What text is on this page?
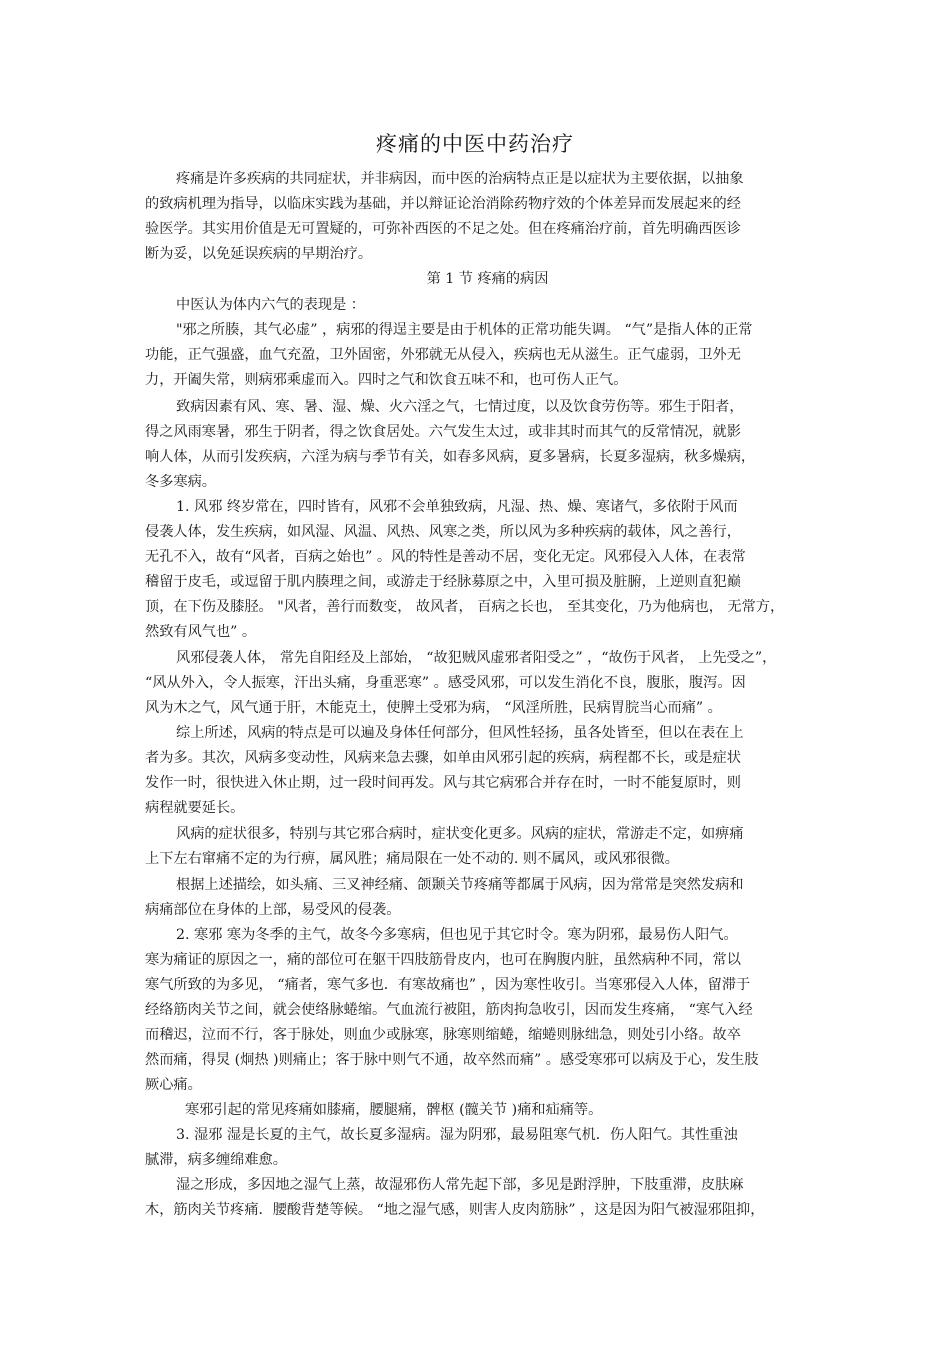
疼痛的中医中药治疗
疼痛是许多疾病的共同症状，并非病因，而中医的治病特点正是以症状为主要依据，以抽象
的致病机理为指导，以临床实践为基础，并以辩证论治消除药物疗效的个体差异而发展起来的经
验医学。其实用价值是无可置疑的，可弥补西医的不足之处。但在疼痛治疗前，首先明确西医诊
断为妥，以免延误疾病的早期治疗。
第 1 节 疼痛的病因
中医认为体内六气的表现是 ：
"邪之所腠，其气必虚” ，病邪的得逞主要是由于机体的正常功能失调。 “气”是指人体的正常
功能，正气强盛，血气充盈，卫外固密，外邪就无从侵入，疾病也无从滋生。正气虚弱，卫外无
力，开阖失常，则病邪乘虚而入。四时之气和饮食五味不和，也可伤人正气。
致病因素有风、寒、暑、湿、燥、火六淫之气，七情过度，以及饮食劳伤等。邪生于阳者，
得之风雨寒暑，邪生于阴者，得之饮食居处。六气发生太过，或非其时而其气的反常情况，就影
响人体，从而引发疾病，六淫为病与季节有关，如春多风病，夏多暑病，长夏多湿病，秋多燥病，
冬多寒病。
1. 风邪 终岁常在，四时皆有，风邪不会单独致病，凡湿、热、燥、寒诸气，多依附于风而
侵袭人体，发生疾病，如风湿、风温、风热、风寒之类，所以风为多种疾病的载体，风之善行，
无孔不入，故有“风者，百病之始也” 。风的特性是善动不居，变化无定。风邪侵入人体，在表常
稽留于皮毛，或逗留于肌内腠理之间，或游走于经脉募原之中，入里可损及脏腑，上逆则直犯巅
顶，在下伤及膝胫。 "风者，善行而数变， 故风者， 百病之长也， 至其变化，乃为他病也， 无常方，
然致有风气也” 。
风邪侵袭人体， 常先自阳经及上部始， “故犯贼风虚邪者阳受之” ，“故伤于风者， 上先受之”，
“风从外入，令人振寒，汗出头痛，身重恶寒” 。感受风邪，可以发生消化不良，腹胀，腹泻。因
风为木之气，风气通于肝，木能克土，使脾土受邪为病， “风淫所胜，民病胃脘当心而痛” 。
综上所述，风病的特点是可以遍及身体任何部分，但风性轻扬，虽各处皆至，但以在表在上
者为多。其次，风病多变动性，风病来急去骤，如单由风邪引起的疾病，病程都不长，或是症状
发作一时，很快进入休止期，过一段时间再发。风与其它病邪合并存在时，一时不能复原时，则
病程就要延长。
风病的症状很多，特别与其它邪合病时，症状变化更多。风病的症状，常游走不定，如痹痛
上下左右窜痛不定的为行痹，属风胜；痛局限在一处不动的. 则不属风，或风邪很微。
根据上述描绘，如头痛、三叉神经痛、颌颞关节疼痛等都属于风病，因为常常是突然发病和
病痛部位在身体的上部，易受风的侵袭。
2. 寒邪 寒为冬季的主气，故冬今多寒病，但也见于其它时令。寒为阴邪，最易伤人阳气。
寒为痛证的原因之一，痛的部位可在躯干四肢筋骨皮内，也可在胸腹内脏，虽然病种不同，常以
寒气所致的为多见， “痛者，寒气多也．有寒故痛也” ，因为寒性收引。当寒邪侵入人体，留滞于
经络筋肉关节之间，就会使络脉蜷缩。气血流行被阻，筋肉拘急收引，因而发生疼痛， “寒气入经
而稽迟，泣而不行，客于脉处，则血少或脉寒，脉寒则缩蜷，缩蜷则脉绌急，则处引小络。故卒
然而痛，得炅 (炯热 )则痛止；客于脉中则气不通，故卒然而痛” 。感受寒邪可以病及于心，发生肢
厥心痛。
寒邪引起的常见疼痛如膝痛，腰腿痛，髀枢 (髋关节 )痛和疝痛等。
3. 湿邪 湿是长夏的主气，故长夏多湿病。湿为阴邪，最易阻寒气机．伤人阳气。其性重浊
腻滞，病多缠绵难愈。
湿之形成，多因地之湿气上蒸，故湿邪伤人常先起下部，多见是跗浮肿，下肢重滞，皮肤麻
木，筋肉关节疼痛．腰酸背楚等候。 “地之湿气感，则害人皮肉筋脉” ，这是因为阳气被湿邪阻抑，
